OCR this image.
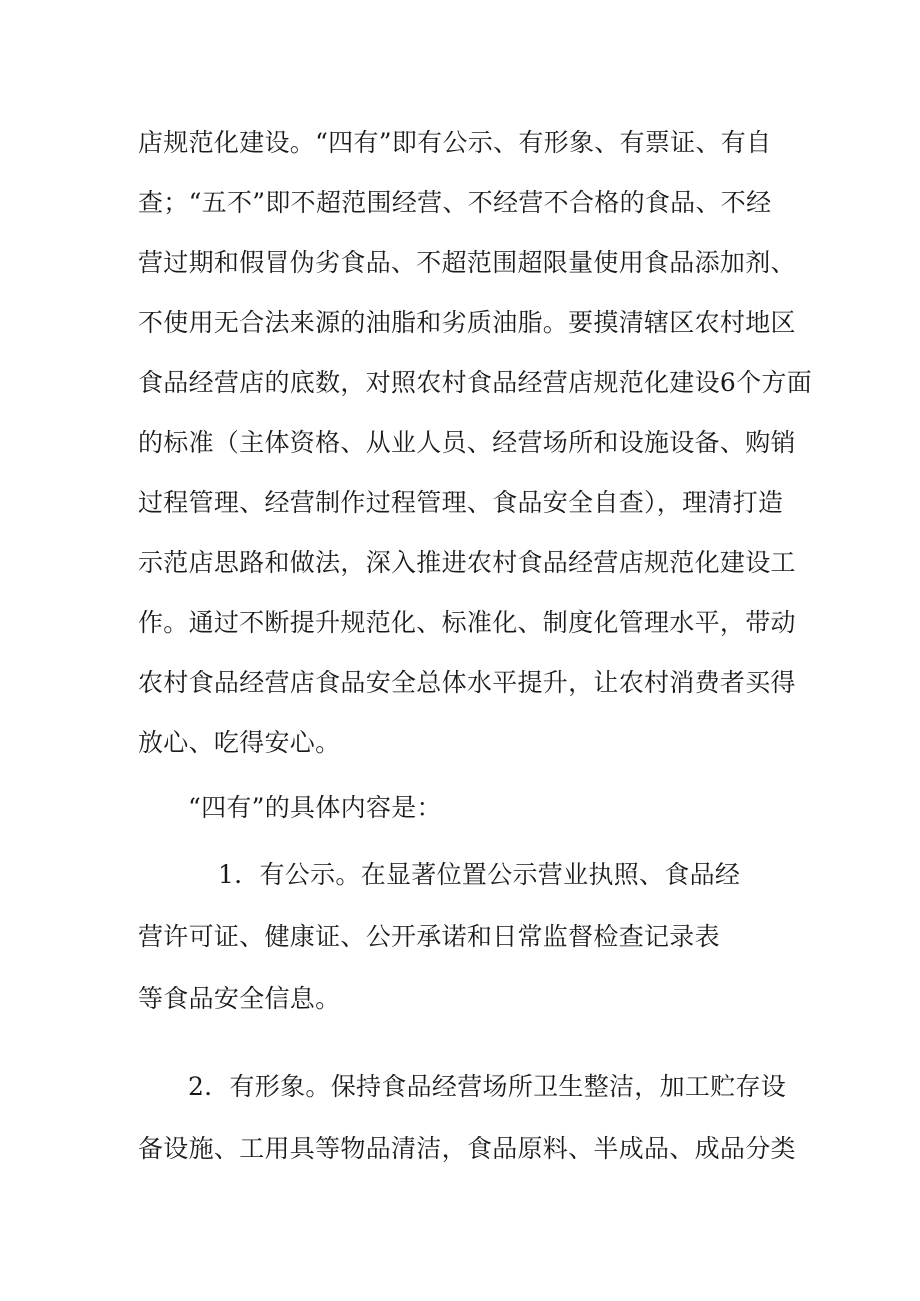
店规范化建设。“四有”即有公示、有形象、有票证、有自
查；“五不”即不超范围经营、不经营不合格的食品、不经
营过期和假冒伪劣食品、不超范围超限量使用食品添加剂、
不使用无合法来源的油脂和劣质油脂。要摸清辖区农村地区
食品经营店的底数，对照农村食品经营店规范化建设6个方面
的标准（主体资格、从业人员、经营场所和设施设备、购销
过程管理、经营制作过程管理、食品安全自查），理清打造
示范店思路和做法，深入推进农村食品经营店规范化建设工
作。通过不断提升规范化、标准化、制度化管理水平，带动
农村食品经营店食品安全总体水平提升，让农村消费者买得
放心、吃得安心。
“四有”的具体内容是：
1．有公示。在显著位置公示营业执照、食品经
营许可证、健康证、公开承诺和日常监督检查记录表
等食品安全信息。
2．有形象。保持食品经营场所卫生整洁，加工贮存设
备设施、工用具等物品清洁，食品原料、半成品、成品分类
